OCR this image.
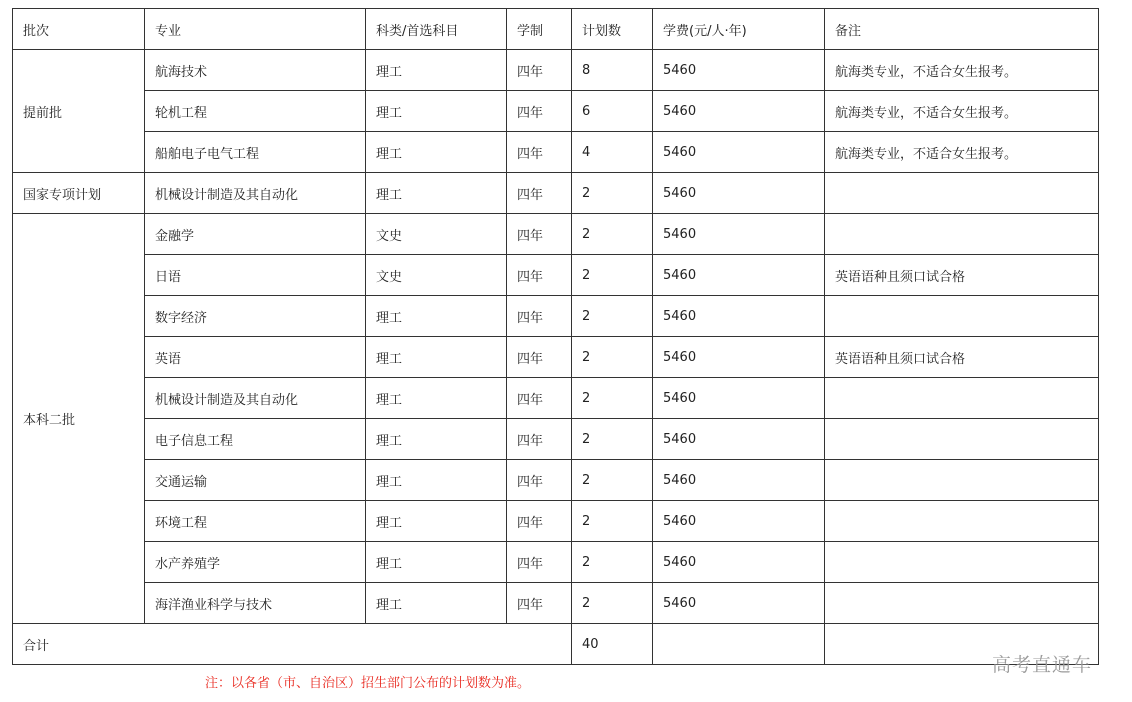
批次	专业	科类/首选科目	学制	计划数	学费(元/人·年)	备注
提前批	航海技术	理工	四年	8	5460	航海类专业，不适合女生报考。
	轮机工程	理工	四年	6	5460	航海类专业，不适合女生报考。
	船舶电子电气工程	理工	四年	4	5460	航海类专业，不适合女生报考。
国家专项计划	机械设计制造及其自动化	理工	四年	2	5460	
本科二批	金融学	文史	四年	2	5460	
	日语	文史	四年	2	5460	英语语种且须口试合格
	数字经济	理工	四年	2	5460	
	英语	理工	四年	2	5460	英语语种且须口试合格
	机械设计制造及其自动化	理工	四年	2	5460	
	电子信息工程	理工	四年	2	5460	
	交通运输	理工	四年	2	5460	
	环境工程	理工	四年	2	5460	
	水产养殖学	理工	四年	2	5460	
	海洋渔业科学与技术	理工	四年	2	5460	
合计				40		
注：以各省（市、自治区）招生部门公布的计划数为准。
高考直通车
